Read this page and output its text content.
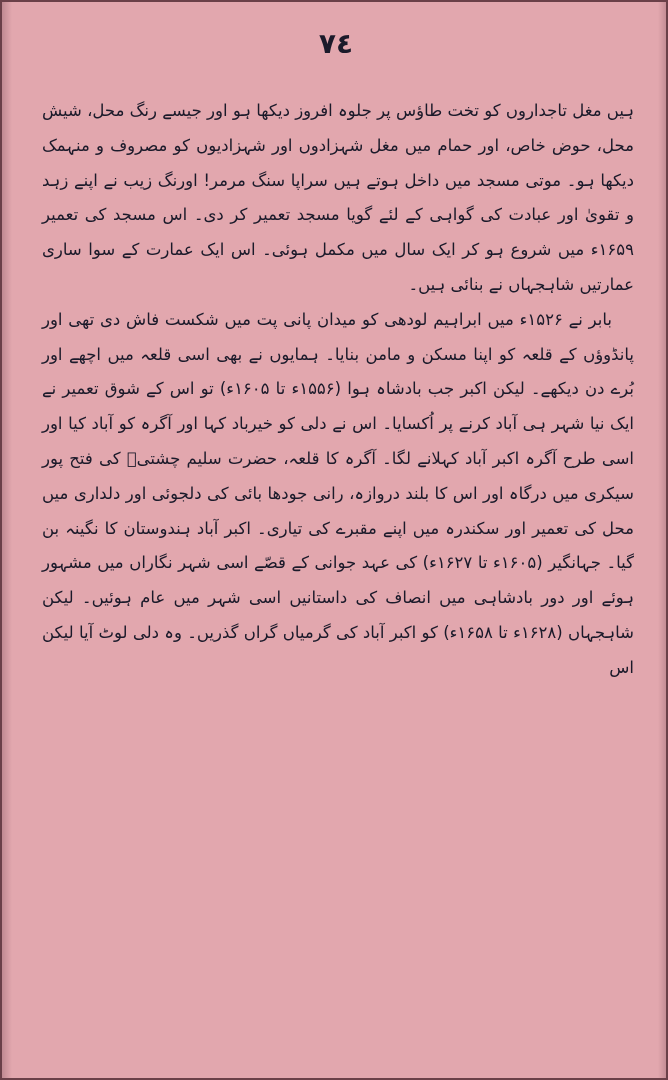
٧٤

ہیں مغل تاجداروں کو تخت طاؤس پر جلوہ افروز دیکھا ہو اور جیسے رنگ محل، شیش محل، حوض خاص، اور حمام میں مغل شہزادوں اور شہزادیوں کو مصروف و منہمک دیکھا ہو۔ موتی مسجد میں داخل ہوتے ہیں سراپا سنگ مرمر! اورنگ زیب نے اپنے زہد و تقویٰ اور عبادت کی گواہی کے لئے گویا مسجد تعمیر کر دی۔ اس مسجد کی تعمیر ۱۶۵۹ء میں شروع ہو کر ایک سال میں مکمل ہوئی۔ اس ایک عمارت کے سوا ساری عمارتیں شاہجہاں نے بنائی ہیں۔

بابر نے ۱۵۲۶ء میں ابراہیم لودھی کو میدان پانی پت میں شکست فاش دی تھی اور پانڈوؤں کے قلعہ کو اپنا مسکن و مامن بنایا۔ ہمایوں نے بھی اسی قلعہ میں اچھے اور بُرے دن دیکھے۔ لیکن اکبر جب بادشاہ ہوا (۱۵۵۶ء تا ۱۶۰۵ء) تو اس کے شوق تعمیر نے ایک نیا شہر ہی آباد کرنے پر اُکسایا۔ اس نے دلی کو خیرباد کہا اور آگرہ کو آباد کیا اور اسی طرح آگرہ اکبر آباد کہلانے لگا۔ آگرہ کا قلعہ، حضرت سلیم چشتیؒ کی فتح پور سیکری میں درگاہ اور اس کا بلند دروازہ، رانی جودھا بائی کی دلجوئی اور دلداری میں محل کی تعمیر اور سکندرہ میں اپنے مقبرے کی تیاری۔ اکبر آباد ہندوستان کا نگینہ بن گیا۔ جہانگیر (۱۶۰۵ء تا ۱۶۲۷ء) کی عہد جوانی کے قصّے اسی شہر نگاراں میں مشہور ہوئے اور دور بادشاہی میں انصاف کی داستانیں اسی شہر میں عام ہوئیں۔ لیکن شاہجہاں (۱۶۲۸ء تا ۱۶۵۸ء) کو اکبر آباد کی گرمیاں گراں گذریں۔ وہ دلی لوٹ آیا لیکن اس
